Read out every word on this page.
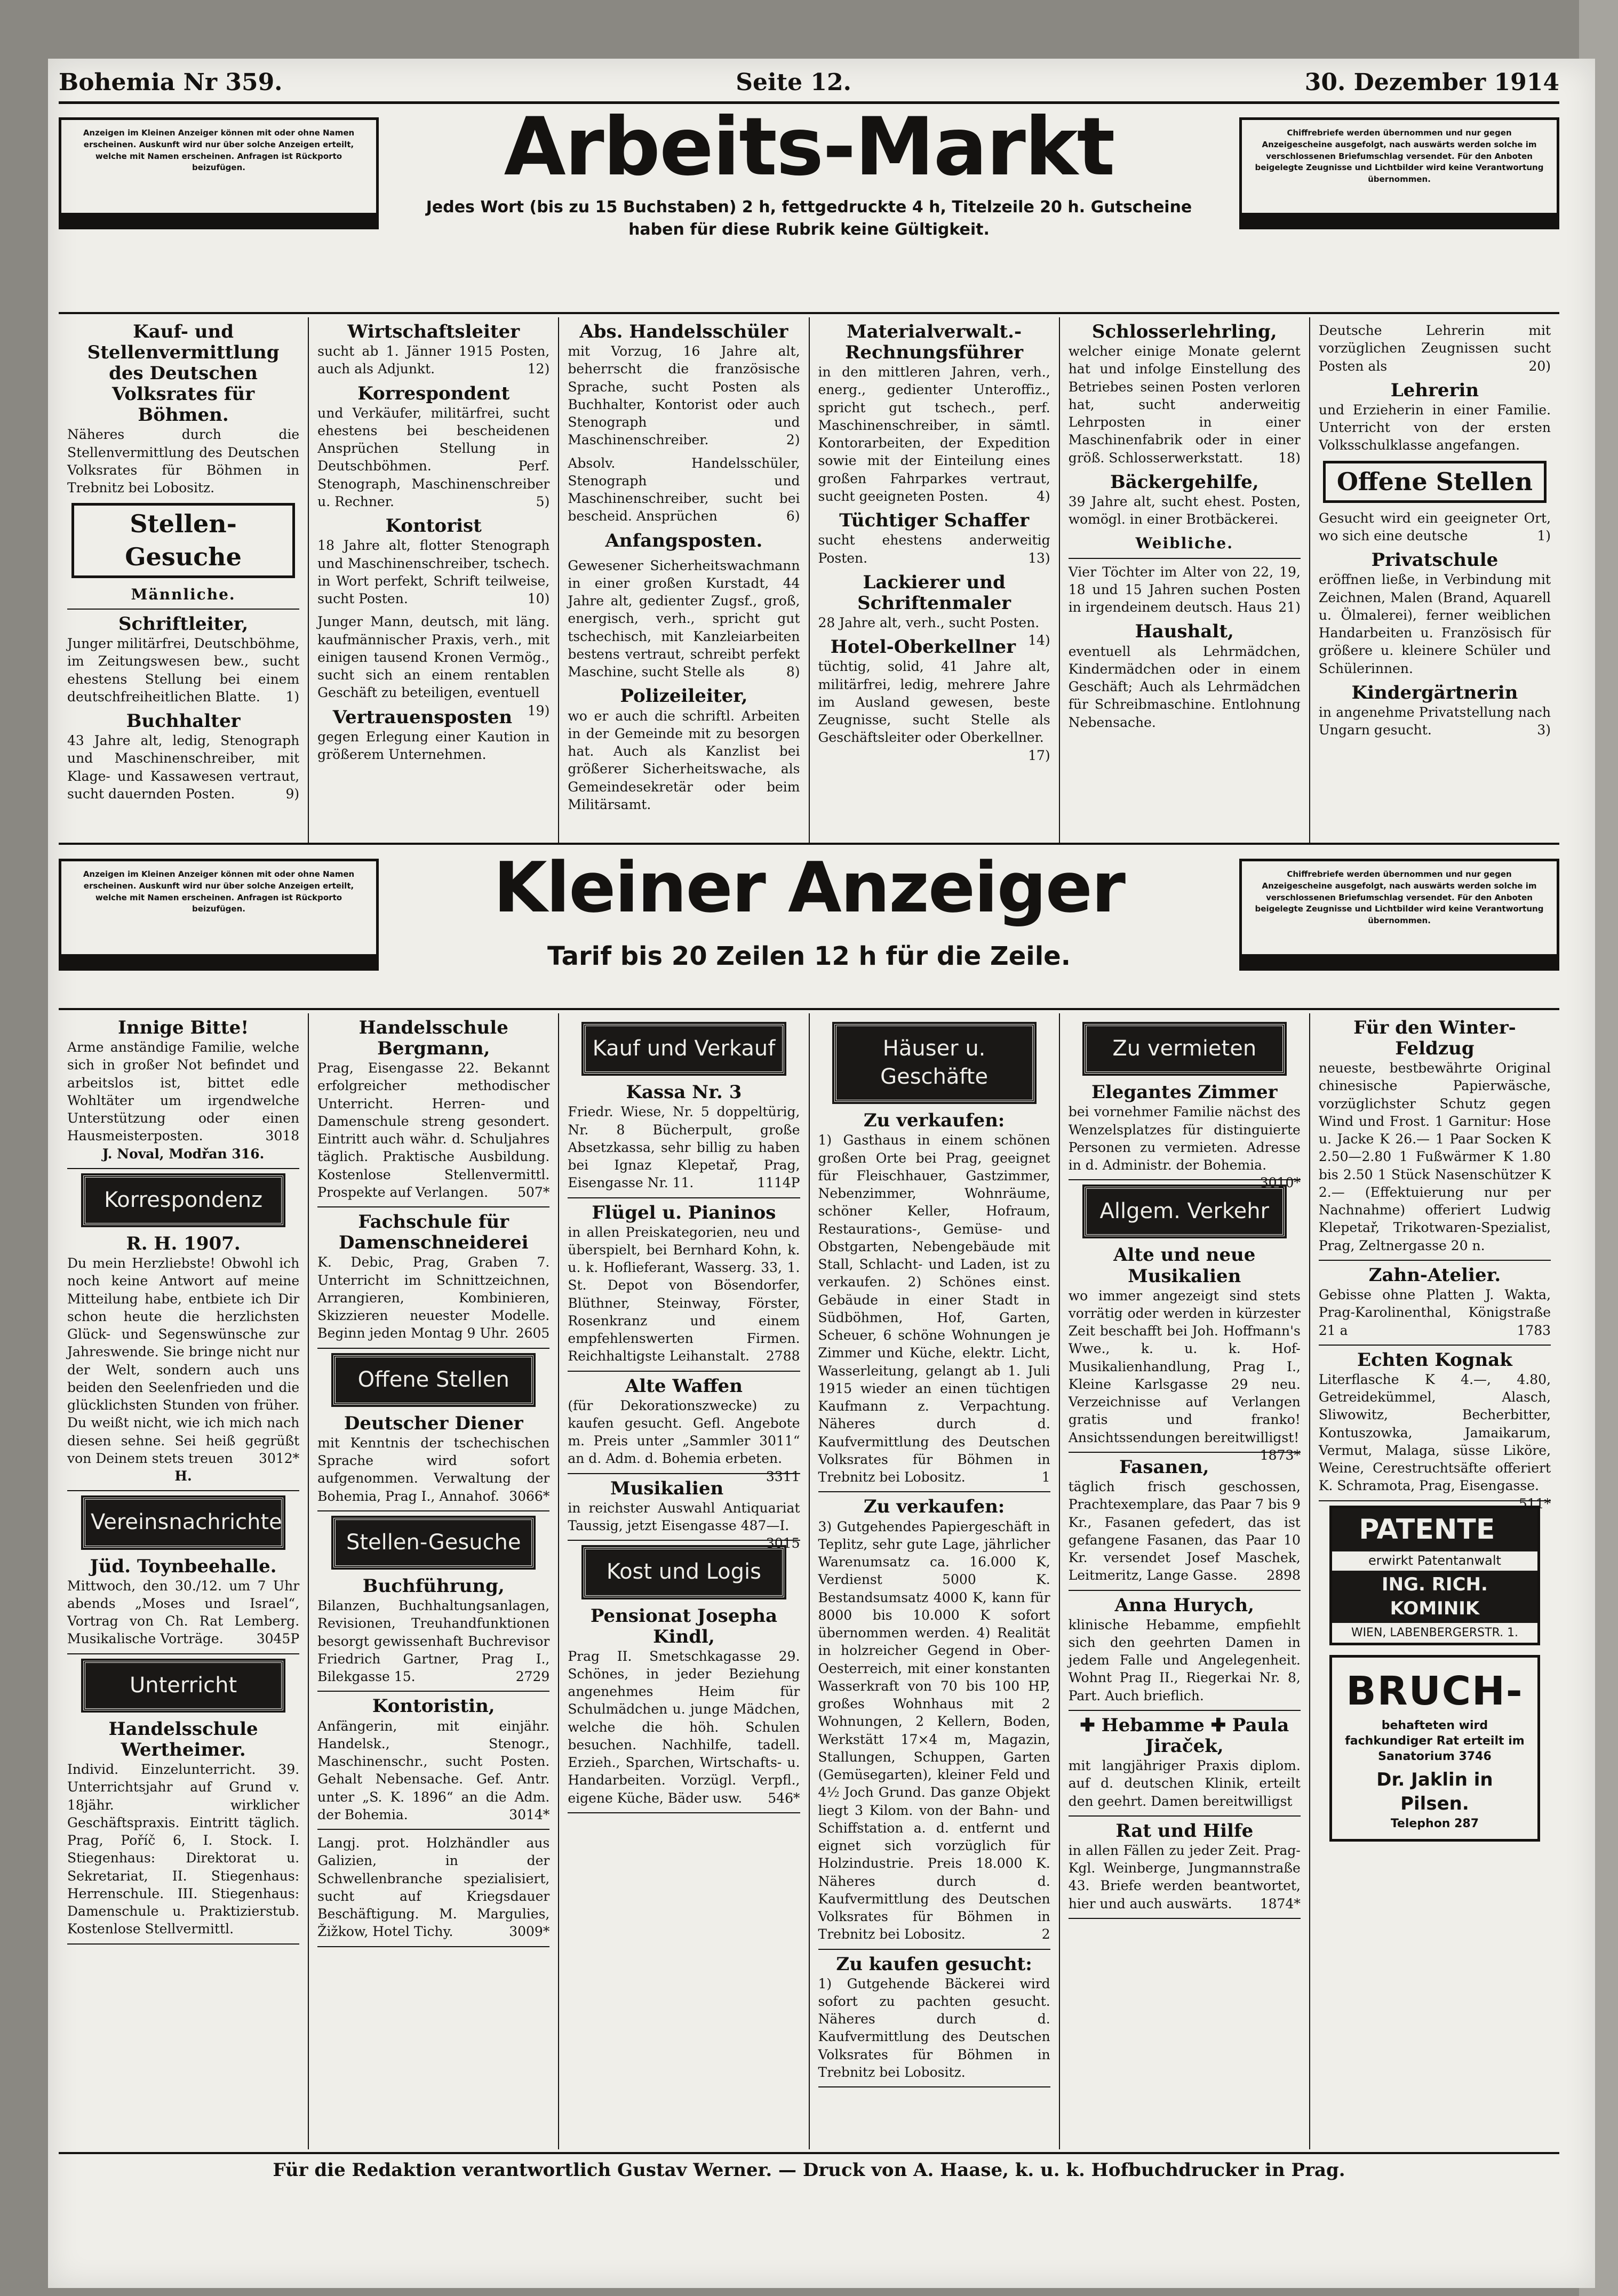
Bohemia Nr 359.	Seite 12.	30. Dezember 1914
Anzeigen im Kleinen Anzeiger können mit oder ohne Namen erscheinen. Auskunft wird nur über solche Anzeigen erteilt, welche mit Namen erscheinen. Anfragen ist Rückporto beizufügen.	Arbeits-Markt
Jedes Wort (bis zu 15 Buchstaben) 2 h, fettgedruckte 4 h, Titelzeile 20 h. Gutscheine haben für diese Rubrik keine Gültigkeit.
Chiffrebriefe werden übernommen und nur gegen Anzeigescheine ausgefolgt, nach auswärts werden solche im verschlossenen Briefumschlag versendet. Für den Anboten beigelegte Zeugnisse und Lichtbilder wird keine Verantwortung übernommen.
Kauf- und Stellenvermittlung des Deutschen Volksrates für Böhmen.
Näheres durch die Stellenvermittlung des Deutschen Volksrates für Böhmen in Trebnitz bei Lobositz.
Stellen-Gesuche
Männliche.
Schriftleiter,
Junger militärfrei, Deutschböhme, im Zeitungswesen bew., sucht ehestens Stellung bei einem deutschfreiheitlichen Blatte. 1)
Buchhalter
43 Jahre alt, ledig, Stenograph und Maschinenschreiber, mit Klage- und Kassawesen vertraut, sucht dauernden Posten.	9)
Wirtschaftsleiter
sucht ab 1. Jänner 1915 Posten, auch als Adjunkt.	12)
Korrespondent
und Verkäufer, militärfrei, sucht ehestens bei bescheidenen Ansprüchen Stellung in Deutschböhmen. Perf. Stenograph, Maschinenschreiber u. Rechner.	5)
Kontorist
18 Jahre alt, flotter Stenograph und Maschinenschreiber, tschech. in Wort perfekt, Schrift teilweise, sucht Posten.	10)
Junger Mann, deutsch, mit läng. kaufmännischer Praxis, verh., mit einigen tausend Kronen Vermög., sucht sich an einem rentablen Geschäft zu beteiligen, eventuell
19)
Vertrauensposten
gegen Erlegung einer Kaution in größerem Unternehmen.
Abs. Handelsschüler
mit Vorzug, 16 Jahre alt, beherrscht die französische Sprache, sucht Posten als Buchhalter, Kontorist oder auch Stenograph und Maschinenschreiber.	2)
Absolv. Handelsschüler, Stenograph und Maschinenschreiber, sucht bei bescheid. Ansprüchen	6)
Anfangsposten.
Gewesener Sicherheitswachmann in einer großen Kurstadt, 44 Jahre alt, gedienter Zugsf., groß, energisch, verh., spricht gut tschechisch, mit Kanzleiarbeiten bestens vertraut, schreibt perfekt Maschine, sucht Stelle als	8)
Polizeileiter,
wo er auch die schriftl. Arbeiten in der Gemeinde mit zu besorgen hat. Auch als Kanzlist bei größerer Sicherheitswache, als Gemeindesekretär oder beim Militärsamt.
Materialverwalt.- Rechnungsführer
in den mittleren Jahren, verh., energ., gedienter Unteroffiz., spricht gut tschech., perf. Maschinenschreiber, in sämtl. Kontorarbeiten, der Expedition sowie mit der Einteilung eines großen Fahrparkes vertraut, sucht geeigneten Posten.	4)
Tüchtiger Schaffer
sucht ehestens anderweitig Posten.	13)
Lackierer und Schriftenmaler
28 Jahre alt, verh., sucht Posten.
14)
Hotel-Oberkellner
tüchtig, solid, 41 Jahre alt, militärfrei, ledig, mehrere Jahre im Ausland gewesen, beste Zeugnisse, sucht Stelle als Geschäftsleiter oder Oberkellner.
17)
Schlosserlehrling,
welcher einige Monate gelernt hat und infolge Einstellung des Betriebes seinen Posten verloren hat, sucht anderweitig Lehrposten in einer Maschinenfabrik oder in einer größ. Schlosserwerkstatt.	18)
Bäckergehilfe,
39 Jahre alt, sucht ehest. Posten, womögl. in einer Brotbäckerei.
Weibliche.
Vier Töchter im Alter von 22, 19, 18 und 15 Jahren suchen Posten in irgendeinem deutsch. Haus 21)
Haushalt,
eventuell als Lehrmädchen, Kindermädchen oder in einem Geschäft; Auch als Lehrmädchen für Schreibmaschine. Entlohnung Nebensache.
Deutsche Lehrerin mit vorzüglichen Zeugnissen sucht Posten als	20)
Lehrerin
und Erzieherin in einer Familie. Unterricht von der ersten Volksschulklasse angefangen.
Offene Stellen
Gesucht wird ein geeigneter Ort, wo sich eine deutsche	1)
Privatschule
eröffnen ließe, in Verbindung mit Zeichnen, Malen (Brand, Aquarell u. Ölmalerei), ferner weiblichen Handarbeiten u. Französisch für größere u. kleinere Schüler und Schülerinnen.
Kindergärtnerin
in angenehme Privatstellung nach Ungarn gesucht.	3)
Anzeigen im Kleinen Anzeiger können mit oder ohne Namen erscheinen. Auskunft wird nur über solche Anzeigen erteilt, welche mit Namen erscheinen. Anfragen ist Rückporto beizufügen.	Kleiner Anzeiger
Tarif bis 20 Zeilen 12 h für die Zeile.
Chiffrebriefe werden übernommen und nur gegen Anzeigescheine ausgefolgt, nach auswärts werden solche im verschlossenen Briefumschlag versendet. Für den Anboten beigelegte Zeugnisse und Lichtbilder wird keine Verantwortung übernommen.
Innige Bitte!
Arme anständige Familie, welche sich in großer Not befindet und arbeitslos ist, bittet edle Wohltäter um irgendwelche Unterstützung oder einen Hausmeisterposten.	3018
J. Noval, Modřan 316.
Korrespondenz
R. H. 1907.
Du mein Herzliebste! Obwohl ich noch keine Antwort auf meine Mitteilung habe, entbiete ich Dir schon heute die herzlichsten Glück- und Segenswünsche zur Jahreswende. Sie bringe nicht nur der Welt, sondern auch uns beiden den Seelenfrieden und die glücklichsten Stunden von früher. Du weißt nicht, wie ich mich nach diesen sehne. Sei heiß gegrüßt von Deinem stets treuen 3012*
H.
Vereinsnachrichten
Jüd. Toynbeehalle.
Mittwoch, den 30./12. um 7 Uhr abends „Moses und Israel“, Vortrag von Ch. Rat Lemberg. Musikalische Vorträge. 3045P
Unterricht
Handelsschule Wertheimer.
Individ. Einzelunterricht. 39. Unterrichtsjahr auf Grund v. 18jähr. wirklicher Geschäftspraxis. Eintritt täglich. Prag, Poříč 6, I. Stock. I. Stiegenhaus: Direktorat u. Sekretariat, II. Stiegenhaus: Herrenschule. III. Stiegenhaus: Damenschule u. Praktizierstub. Kostenlose Stellvermittl.
Handelsschule Bergmann,
Prag, Eisengasse 22. Bekannt erfolgreicher methodischer Unterricht. Herren- und Damenschule streng gesondert. Eintritt auch währ. d. Schuljahres täglich. Praktische Ausbildung. Kostenlose Stellenvermittl. Prospekte auf Verlangen. 507*
Fachschule für Damenschneiderei
K. Debic, Prag, Graben 7. Unterricht im Schnittzeichnen, Arrangieren, Kombinieren, Skizzieren neuester Modelle. Beginn jeden Montag 9 Uhr. 2605
Offene Stellen
Deutscher Diener
mit Kenntnis der tschechischen Sprache wird sofort aufgenommen. Verwaltung der Bohemia, Prag I., Annahof. 3066*
Stellen-Gesuche
Buchführung,
Bilanzen, Buchhaltungsanlagen, Revisionen, Treuhandfunktionen besorgt gewissenhaft Buchrevisor Friedrich Gartner, Prag I., Bilekgasse 15.	2729
Kontoristin,
Anfängerin, mit einjähr. Handelsk., Stenogr., Maschinenschr., sucht Posten. Gehalt Nebensache. Gef. Antr. unter „S. K. 1896“ an die Adm. der Bohemia.	3014*
Langj. prot. Holzhändler aus Galizien, in der Schwellenbranche spezialisiert, sucht auf Kriegsdauer Beschäftigung. M. Margulies, Žižkow, Hotel Tichy.	3009*
Kauf und Verkauf
Kassa Nr. 3
Friedr. Wiese, Nr. 5 doppeltürig, Nr. 8 Bücherpult, große Absetzkassa, sehr billig zu haben bei Ignaz Klepetař, Prag, Eisengasse Nr. 11.	1114P
Flügel u. Pianinos
in allen Preiskategorien, neu und überspielt, bei Bernhard Kohn, k. u. k. Hoflieferant, Wasserg. 33, 1. St. Depot von Bösendorfer, Blüthner, Steinway, Förster, Rosenkranz und einem empfehlenswerten Firmen. Reichhaltigste Leihanstalt. 2788
Alte Waffen
(für Dekorationszwecke) zu kaufen gesucht. Gefl. Angebote m. Preis unter „Sammler 3011“ an d. Adm. d. Bohemia erbeten.
3311
Musikalien
in reichster Auswahl Antiquariat Taussig, jetzt Eisengasse 487—I.
3015
Kost und Logis
Pensionat Josepha Kindl,
Prag II. Smetschkagasse 29. Schönes, in jeder Beziehung angenehmes Heim für Schulmädchen u. junge Mädchen, welche die höh. Schulen besuchen. Nachhilfe, tadell. Erzieh., Sparchen, Wirtschafts- u. Handarbeiten. Vorzügl. Verpfl., eigene Küche, Bäder usw. 546*
Häuser u. Geschäfte
Zu verkaufen:
1) Gasthaus in einem schönen großen Orte bei Prag, geeignet für Fleischhauer, Gastzimmer, Nebenzimmer, Wohnräume, schöner Keller, Hofraum, Restaurations-, Gemüse- und Obstgarten, Nebengebäude mit Stall, Schlacht- und Laden, ist zu verkaufen. 2) Schönes einst. Gebäude in einer Stadt in Südböhmen, Hof, Garten, Scheuer, 6 schöne Wohnungen je Zimmer und Küche, elektr. Licht, Wasserleitung, gelangt ab 1. Juli 1915 wieder an einen tüchtigen Kaufmann z. Verpachtung. Näheres durch d. Kaufvermittlung des Deutschen Volksrates für Böhmen in Trebnitz bei Lobositz.	1
Zu verkaufen:
3) Gutgehendes Papiergeschäft in Teplitz, sehr gute Lage, jährlicher Warenumsatz ca. 16.000 K, Verdienst 5000 K. Bestandsumsatz 4000 K, kann für 8000 bis 10.000 K sofort übernommen werden. 4) Realität in holzreicher Gegend in Ober-Oesterreich, mit einer konstanten Wasserkraft von 70 bis 100 HP, großes Wohnhaus mit 2 Wohnungen, 2 Kellern, Boden, Werkstätt 17×4 m, Magazin, Stallungen, Schuppen, Garten (Gemüsegarten), kleiner Feld und 4½ Joch Grund. Das ganze Objekt liegt 3 Kilom. von der Bahn- und Schiffstation a. d. entfernt und eignet sich vorzüglich für Holzindustrie. Preis 18.000 K. Näheres durch d. Kaufvermittlung des Deutschen Volksrates für Böhmen in Trebnitz bei Lobositz.	2
Zu kaufen gesucht:
1) Gutgehende Bäckerei wird sofort zu pachten gesucht. Näheres durch d. Kaufvermittlung des Deutschen Volksrates für Böhmen in Trebnitz bei Lobositz.
Zu vermieten
Elegantes Zimmer
bei vornehmer Familie nächst des Wenzelsplatzes für distinguierte Personen zu vermieten. Adresse in d. Administr. der Bohemia.
3010*
Allgem. Verkehr
Alte und neue Musikalien
wo immer angezeigt sind stets vorrätig oder werden in kürzester Zeit beschafft bei Joh. Hoffmann's Wwe., k. u. k. Hof-Musikalienhandlung, Prag I., Kleine Karlsgasse 29 neu. Verzeichnisse auf Verlangen gratis und franko! Ansichtssendungen bereitwilligst!
1873*
Fasanen,
täglich frisch geschossen, Prachtexemplare, das Paar 7 bis 9 Kr., Fasanen gefedert, das ist gefangene Fasanen, das Paar 10 Kr. versendet Josef Maschek, Leitmeritz, Lange Gasse. 2898
Anna Hurych,
klinische Hebamme, empfiehlt sich den geehrten Damen in jedem Falle und Angelegenheit. Wohnt Prag II., Riegerkai Nr. 8, Part. Auch brieflich.
✚ Hebamme ✚ Paula Jiraček,
mit langjähriger Praxis diplom. auf d. deutschen Klinik, erteilt den geehrt. Damen bereitwilligst
Rat und Hilfe
in allen Fällen zu jeder Zeit. Prag-Kgl. Weinberge, Jungmannstraße 43. Briefe werden beantwortet, hier und auch auswärts. 1874*
Für den Winter-Feldzug
neueste, bestbewährte Original chinesische Papierwäsche, vorzüglichster Schutz gegen Wind und Frost. 1 Garnitur: Hose u. Jacke K 26.— 1 Paar Socken K 2.50—2.80 1 Fußwärmer K 1.80 bis 2.50 1 Stück Nasenschützer K 2.— (Effektuierung nur per Nachnahme) offeriert Ludwig Klepetař, Trikotwaren-Spezialist, Prag, Zeltnergasse 20 n.
Zahn-Atelier.
Gebisse ohne Platten J. Wakta, Prag-Karolinenthal, Königstraße 21 a	1783
Echten Kognak
Literflasche K 4.—, 4.80, Getreidekümmel, Alasch, Sliwowitz, Becherbitter, Kontuszowka, Jamaikarum, Vermut, Malaga, süsse Liköre, Weine, Cerestruchtsäfte offeriert K. Schramota, Prag, Eisengasse.
511*
PATENTE
erwirkt Patentanwalt
ING. RICH. KOMINIK
WIEN, LABENBERGERSTR. 1.
BRUCH-
behafteten wird fachkundiger Rat erteilt im Sanatorium 3746
Dr. Jaklin in Pilsen.
Telephon 287
Für die Redaktion verantwortlich Gustav Werner. — Druck von A. Haase, k. u. k. Hofbuchdrucker in Prag.
